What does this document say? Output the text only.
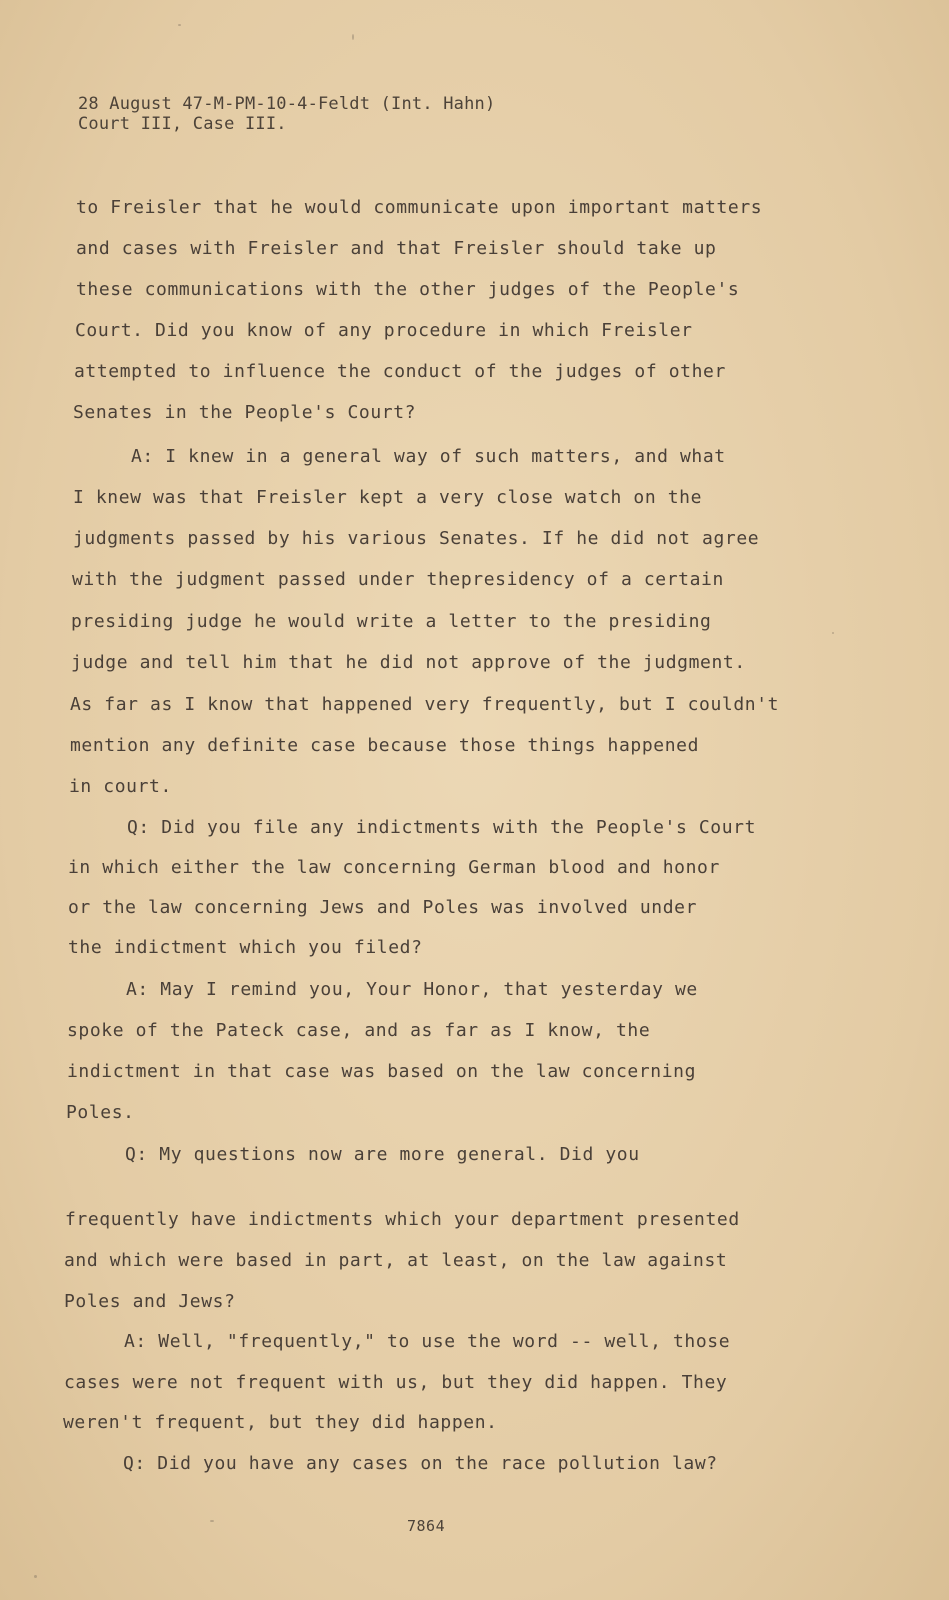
28 August 47-M-PM-10-4-Feldt (Int. Hahn)
Court III, Case III.
to Freisler that he would communicate upon important matters
and cases with Freisler and that Freisler should take up
these communications with the other judges of the People's
Court. Did you know of any procedure in which Freisler
attempted to influence the conduct of the judges of other
Senates in the People's Court?
A: I knew in a general way of such matters, and what
I knew was that Freisler kept a very close watch on the
judgments passed by his various Senates. If he did not agree
with the judgment passed under thepresidency of a certain
presiding judge he would write a letter to the presiding
judge and tell him that he did not approve of the judgment.
As far as I know that happened very frequently, but I couldn't
mention any definite case because those things happened
in court.
Q: Did you file any indictments with the People's Court
in which either the law concerning German blood and honor
or the law concerning Jews and Poles was involved under
the indictment which you filed?
A: May I remind you, Your Honor, that yesterday we
spoke of the Pateck case, and as far as I know, the
indictment in that case was based on the law concerning
Poles.
Q: My questions now are more general. Did you
frequently have indictments which your department presented
and which were based in part, at least, on the law against
Poles and Jews?
A: Well, "frequently," to use the word -- well, those
cases were not frequent with us, but they did happen. They
weren't frequent, but they did happen.
Q: Did you have any cases on the race pollution law?
7864
